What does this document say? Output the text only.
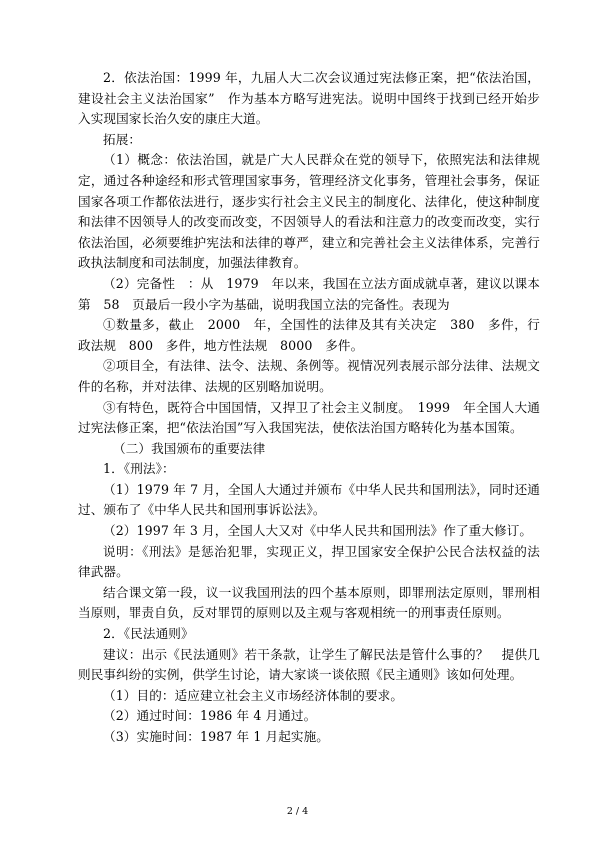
2．依法治国：1999 年，九届人大二次会议通过宪法修正案，把“依法治国，建设社会主义法治国家”　作为基本方略写进宪法。说明中国终于找到已经开始步入实现国家长治久安的康庄大道。

拓展：

（1）概念：依法治国，就是广大人民群众在党的领导下，依照宪法和法律规定，通过各种途经和形式管理国家事务，管理经济文化事务，管理社会事务，保证国家各项工作都依法进行，逐步实行社会主义民主的制度化、法律化，使这种制度和法律不因领导人的改变而改变，不因领导人的看法和注意力的改变而改变，实行依法治国，必须要维护宪法和法律的尊严，建立和完善社会主义法律体系，完善行政执法制度和司法制度，加强法律教育。

（2）完备性　：从　1979　年以来，我国在立法方面成就卓著，建议以课本第　58　页最后一段小字为基础，说明我国立法的完备性。表现为

①数量多，截止　2000　年，全国性的法律及其有关决定　380　多件，行政法规　800　多件，地方性法规　8000　多件。

②项目全，有法律、法令、法规、条例等。视情况列表展示部分法律、法规文件的名称，并对法律、法规的区别略加说明。

③有特色，既符合中国国情，又捍卫了社会主义制度。　1999　年全国人大通过宪法修正案，把“依法治国”写入我国宪法，使依法治国方略转化为基本国策。

（二）我国颁布的重要法律

1．《刑法》：

（1）1979 年 7 月，全国人大通过并颁布《中华人民共和国刑法》，同时还通过、颁布了《中华人民共和国刑事诉讼法》。

（2）1997 年 3 月，全国人大又对《中华人民共和国刑法》作了重大修订。

说明：《刑法》是惩治犯罪，实现正义，捍卫国家安全保护公民合法权益的法律武器。

结合课文第一段，议一议我国刑法的四个基本原则，即罪刑法定原则，罪刑相当原则，罪责自负，反对罪罚的原则以及主观与客观相统一的刑事责任原则。

2．《民法通则》

建议：出示《民法通则》若干条款，让学生了解民法是管什么事的？　提供几则民事纠纷的实例，供学生讨论，请大家谈一谈依照《民主通则》该如何处理。

（1）目的：适应建立社会主义市场经济体制的要求。

（2）通过时间：1986 年 4 月通过。

（3）实施时间：1987 年 1 月起实施。

2 / 4
